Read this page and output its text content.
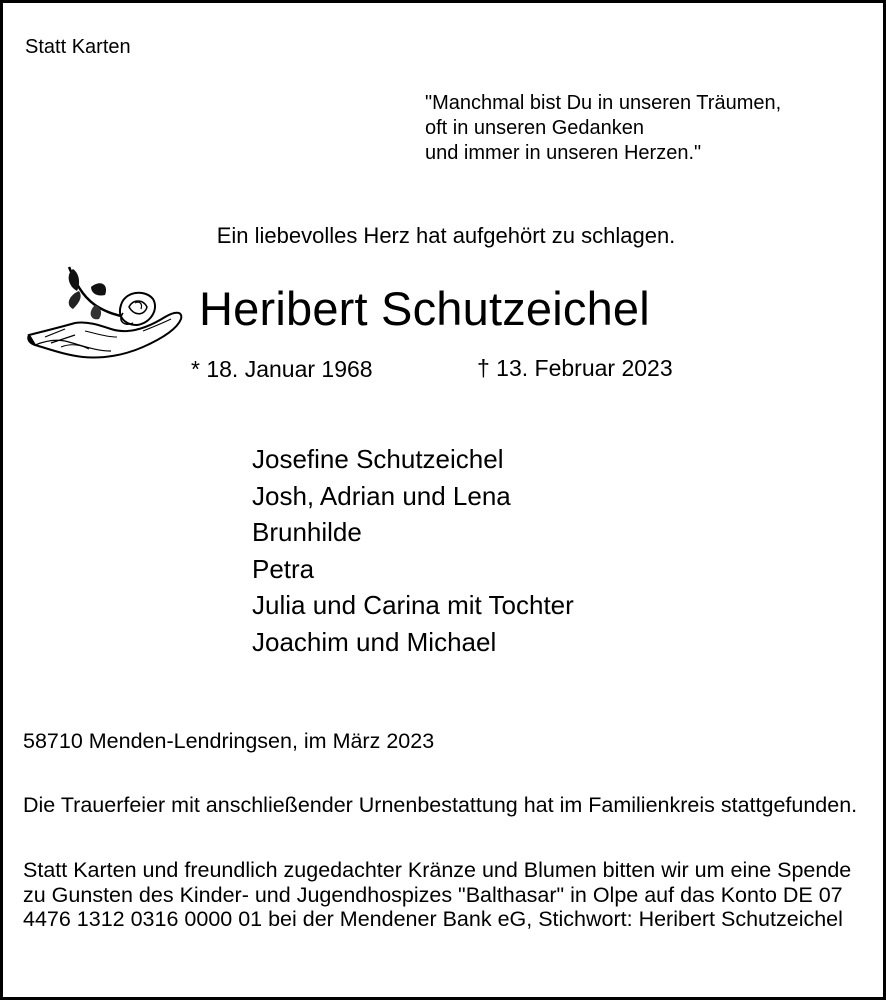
Statt Karten
"Manchmal bist Du in unseren Träumen,
oft in unseren Gedanken
und immer in unseren Herzen."
Ein liebevolles Herz hat aufgehört zu schlagen.
Heribert Schutzeichel
* 18. Januar 1968	† 13. Februar 2023
Josefine Schutzeichel
Josh, Adrian und Lena
Brunhilde
Petra
Julia und Carina mit Tochter
Joachim und Michael
58710 Menden-Lendringsen, im März 2023
Die Trauerfeier mit anschließender Urnenbestattung hat im Familienkreis stattgefunden.
Statt Karten und freundlich zugedachter Kränze und Blumen bitten wir um eine Spende zu Gunsten des Kinder- und Jugendhospizes "Balthasar" in Olpe auf das Konto DE 07 4476 1312 0316 0000 01 bei der Mendener Bank eG, Stichwort: Heribert Schutzeichel
